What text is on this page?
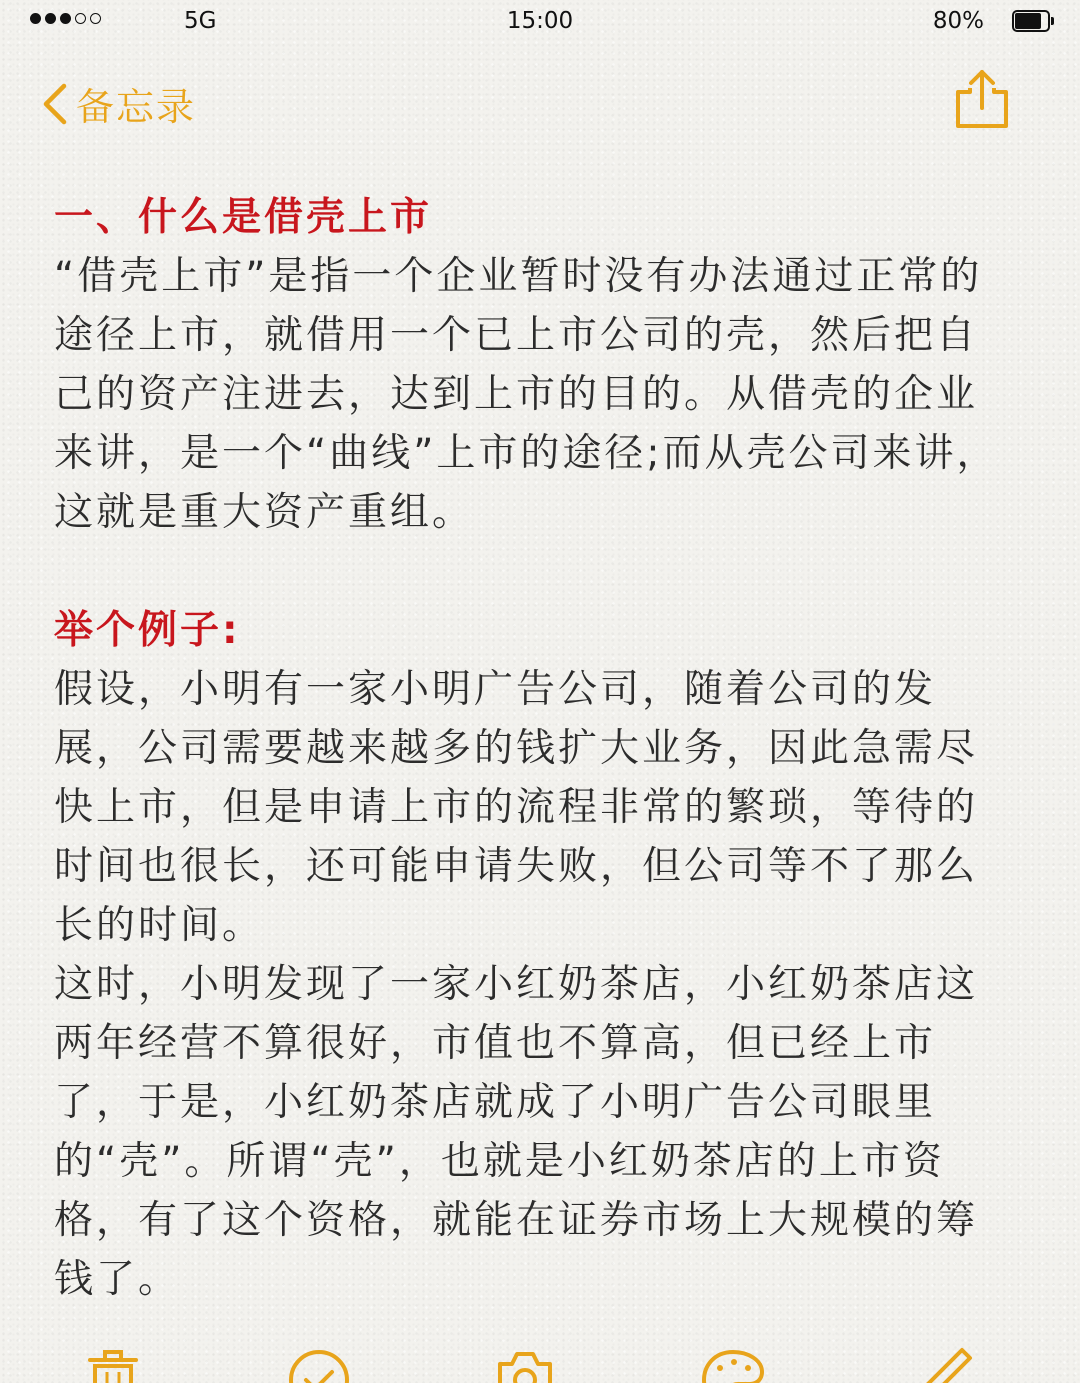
5G	15:00	80%
备忘录

一、什么是借壳上市

“借壳上市”是指一个企业暂时没有办法通过正常的途径上市，就借用一个已上市公司的壳，然后把自己的资产注进去，达到上市的目的。从借壳的企业来讲，是一个“曲线”上市的途径;而从壳公司来讲，这就是重大资产重组。

举个例子:

假设，小明有一家小明广告公司，随着公司的发展，公司需要越来越多的钱扩大业务，因此急需尽快上市，但是申请上市的流程非常的繁琐，等待的时间也很长，还可能申请失败，但公司等不了那么长的时间。

这时，小明发现了一家小红奶茶店，小红奶茶店这两年经营不算很好，市值也不算高，但已经上市了，于是，小红奶茶店就成了小明广告公司眼里的“壳”。所谓“壳”，也就是小红奶茶店的上市资格，有了这个资格，就能在证券市场上大规模的筹钱了。
